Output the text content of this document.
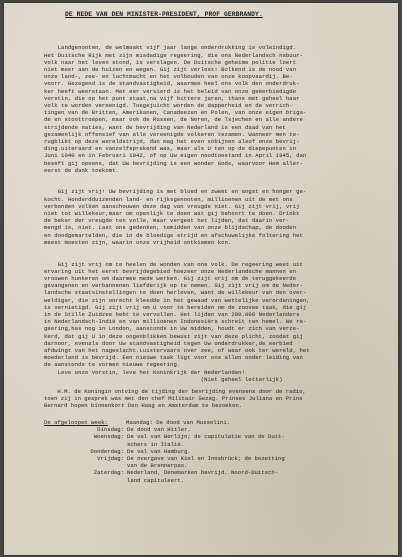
DE REDE VAN DEN MINISTER-PRESIDENT, PROF GERBRANDY.

Landgenooten, de welmaakt vijf jaar lange onderdrukking is voleindigd.
Het Duitsche Rijk met zijn misdadige regeering, die ons Nederlandsch nabuur-
volk naar het leven stond, is verslagen. De Duitsche geheime politie loert
niet meer aan de huizen en wegen. Gij zijt verlost! Bolkend is de nood van
onze land-, zee- en luchtmacht en het volbouden van onze koopvaardij. Be-
voorr. Gezegend is de standvastigheid, waarmee heel ons volk den onderdruk-
ker heeft weerstaan. Met eer versierd is het beleid van onze geëerbiedigde
vorstin, die op het punt staat,na vijf bittere jaren, thans met geheel haar
volk te worden vereenigd. Toegejuicht worden de dapperheid en de verrich-
tingen van de Britten, Amerikanen, Canadeezen en Polen, van onze eigen briga-
de en stoottroepen, maar ook de Russen, de Noren, de Tsjechen en alle andere
strijdende naties, want de bevrijding van Nederland is een daad van het
gezamenlijk offensief van alle vereenigde volkeren tezamen. Wanneer men te-
rugblikt op deze wereldstrijd, dan mag het even sobijnen alsof onze bevrij-
ding.uiteraard en vanzelfsprekend was, maar als U ten op de diepepunten in
Juni 1940 en in Februari 1942, of op Uw eigen noodtoestand in April 1945, dan
beseft gij opeens, dat Uw bevrijding is een wonder Gods, waarvoor Hem aller-
eerst de dank toekomt.

Gij zijt vrij! Uw bevrijding is met bloed en zweet en angst en honger ge-
kocht. Honderdduizenden land- en rijksgenooten, millioenen uit de met ons
verbonden volken aanschouwen deze dag van vreugde niet. Gij zijt vrij, vrij
niet tot willekeur,maar om openlijk te doen wat gij behoort te doen. Drinkt
de beker der vreugde ten volle, maar vergeet het lijden, dat daarin ver-
mengd is, niet. Last ons gedenken, temidden van onze blijdschap, de dooden
en doodgemartelden, die in de bloedige strijd en afschuwelijke foltering het
meest moesten zijn, waarin onze vrijheid ontkiemen kon.

Gij zijt vrij om te heelen de wonden van ons volk. De regeering weet uit
ervaring uit het eerst bevrijdegebied hoezeer onze Nederlandsche mannen en
vrouwen hunkeren om daarmee mede werken. Gij zijt vrij om de teruggekeerde
gevangenen en verbannenen liefderijk op te nemen. Gij zijt vrij om de Neder-
landsche staatsinstellingen te doen herleven, want de willekeur van den over-
weldiger, die zijn onrecht kleedde in het gewaad van wettelijke verordeningen,
is vernietigd. Gij zijt vrij om U voor te bereiden om de zoovee taak, die gij
in de Stille Zuidzee hebt te vervullen. Het lijden van 280.000 Nederlanders
in Nederlandsch-Indië en van millioenen Indonesiërs schreit ten hemel. We re-
geering,has nog in London, aanstonds in Uw midden, houdt er zich van verze-
kerd, dat gij U in deze oogenblikken bewust zijt van deze plicht, zoodat gij
darnoor, evenals door Uw standvastigheid tegen Uw onderdrukker,de eerbied
afdwingt van het nageslacht.Luistervaars over zee, of waar ook ter wereld, het
moederland is bevrijd. Een nieuwe taak ligt voor ons allen onder leiding van
de aanstonds te vormen nieuwe regeering.
Leve onze Vorstin, leve het Koninkrijk der Nederlanden!
(Niet geheel letterlijk)

H.M. de Koningin ontving de tijding der bevrijding evensens door de radio,
toen zij in gesprek was met den chef Militair Gezag. Prinses Juliana en Prins
Bernard hopen binnenkort Den Haag en Amsterdam te bezoeken.
De afgeloopen week:	Maandag: De dood van Mussolini.
Dinsdag: De dood van Hitler.
Woensdag: De val van Berlijn; de capitulatie van de Duit-
schers in Italië.
Donderdag: De val van Hamburg.
Vrijdag: De overgave van Kiel en Innsbrück; de bezetting
van de Brennerpas.
Zaterdag: Nederland, Denemarken bevrijd. Noord-Duitsch-
land capituleert.
